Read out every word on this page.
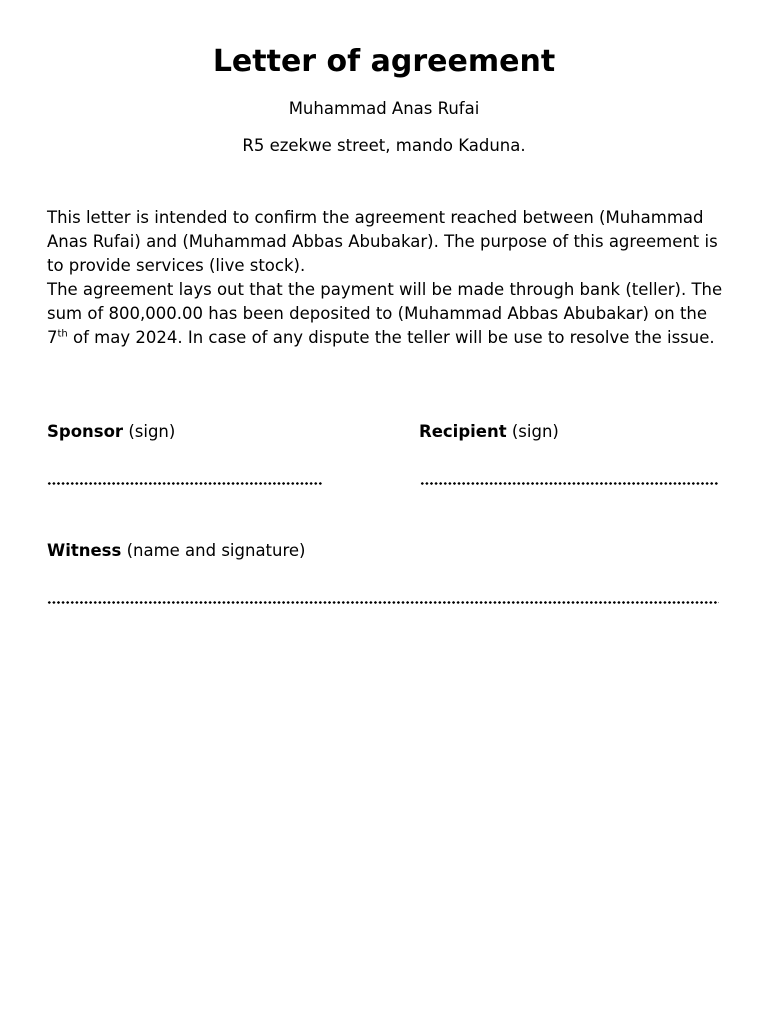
Letter of agreement
Muhammad Anas Rufai
R5 ezekwe street, mando Kaduna.

This letter is intended to confirm the agreement reached between (Muhammad Anas Rufai) and (Muhammad Abbas Abubakar). The purpose of this agreement is to provide services (live stock).

The agreement lays out that the payment will be made through bank (teller). The sum of 800,000.00 has been deposited to (Muhammad Abbas Abubakar) on the 7th of may 2024. In case of any dispute the teller will be use to resolve the issue.

Sponsor (sign)	Recipient (sign)
Witness (name and signature)
